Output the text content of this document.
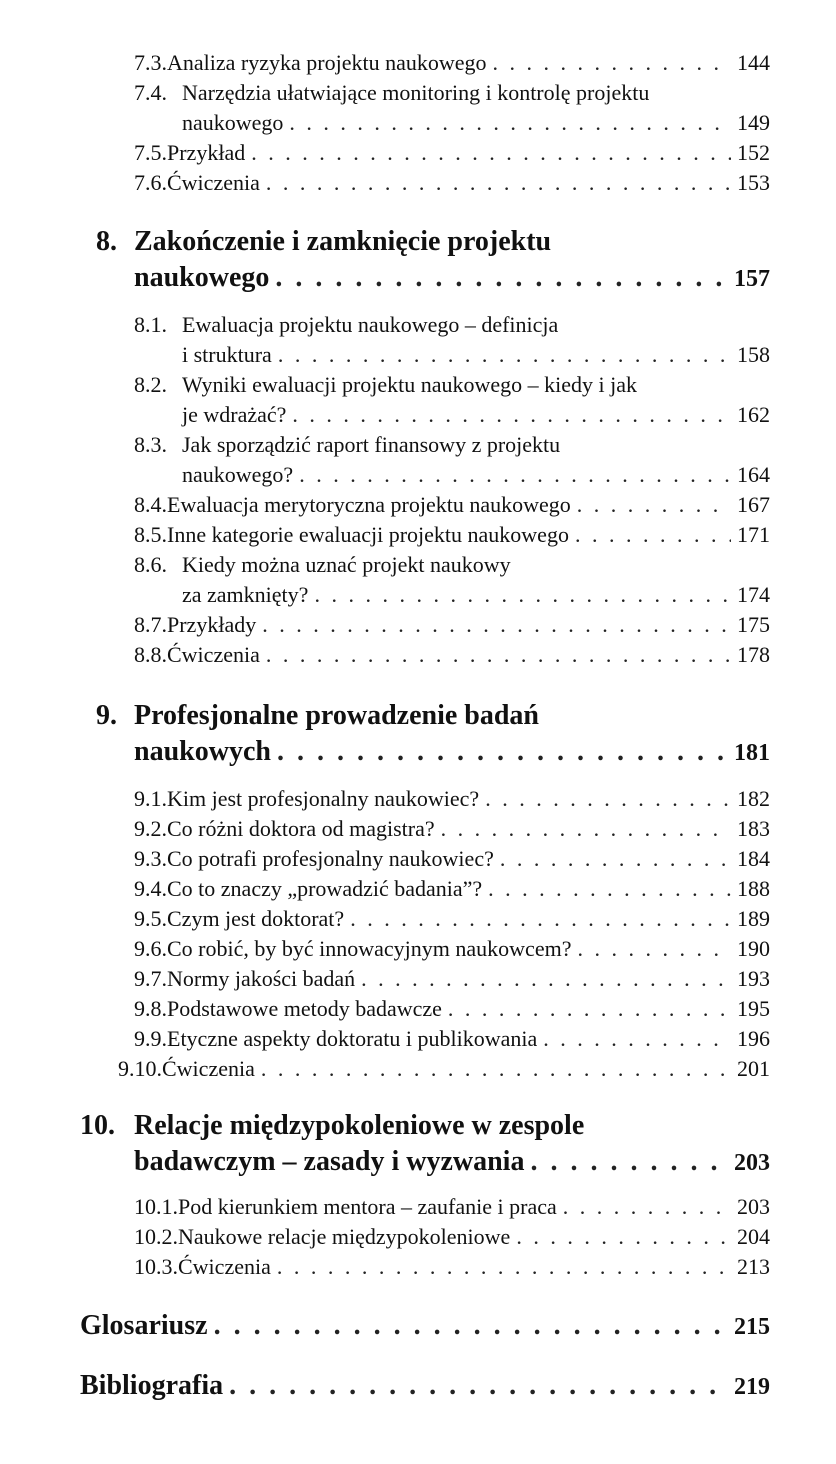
7.3. Analiza ryzyka projektu naukowego . . .	144
7.4. Narzędzia ułatwiające monitoring i kontrolę projektu
naukowego . . .	149
7.5. Przykład . . .	152
7.6. Ćwiczenia . . .	153
8. Zakończenie i zamknięcie projektu
naukowego . . .	157
8.1. Ewaluacja projektu naukowego – definicja
i struktura . . .	158
8.2. Wyniki ewaluacji projektu naukowego – kiedy i jak
je wdrażać? . . .	162
8.3. Jak sporządzić raport finansowy z projektu
naukowego? . . .	164
8.4. Ewaluacja merytoryczna projektu naukowego . . .	167
8.5. Inne kategorie ewaluacji projektu naukowego . . .	171
8.6. Kiedy można uznać projekt naukowy
za zamknięty? . . .	174
8.7. Przykłady . . .	175
8.8. Ćwiczenia . . .	178
9. Profesjonalne prowadzenie badań
naukowych . . .	181
9.1. Kim jest profesjonalny naukowiec? . . .	182
9.2. Co różni doktora od magistra? . . .	183
9.3. Co potrafi profesjonalny naukowiec? . . .	184
9.4. Co to znaczy „prowadzić badania”? . . .	188
9.5. Czym jest doktorat? . . .	189
9.6. Co robić, by być innowacyjnym naukowcem? . . .	190
9.7. Normy jakości badań . . .	193
9.8. Podstawowe metody badawcze . . .	195
9.9. Etyczne aspekty doktoratu i publikowania . . .	196
9.10. Ćwiczenia . . .	201
10. Relacje międzypokoleniowe w zespole
badawczym – zasady i wyzwania . . .	203
10.1. Pod kierunkiem mentora – zaufanie i praca . . .	203
10.2. Naukowe relacje międzypokoleniowe . . .	204
10.3. Ćwiczenia . . .	213
Glosariusz . . .	215
Bibliografia . . .	219
